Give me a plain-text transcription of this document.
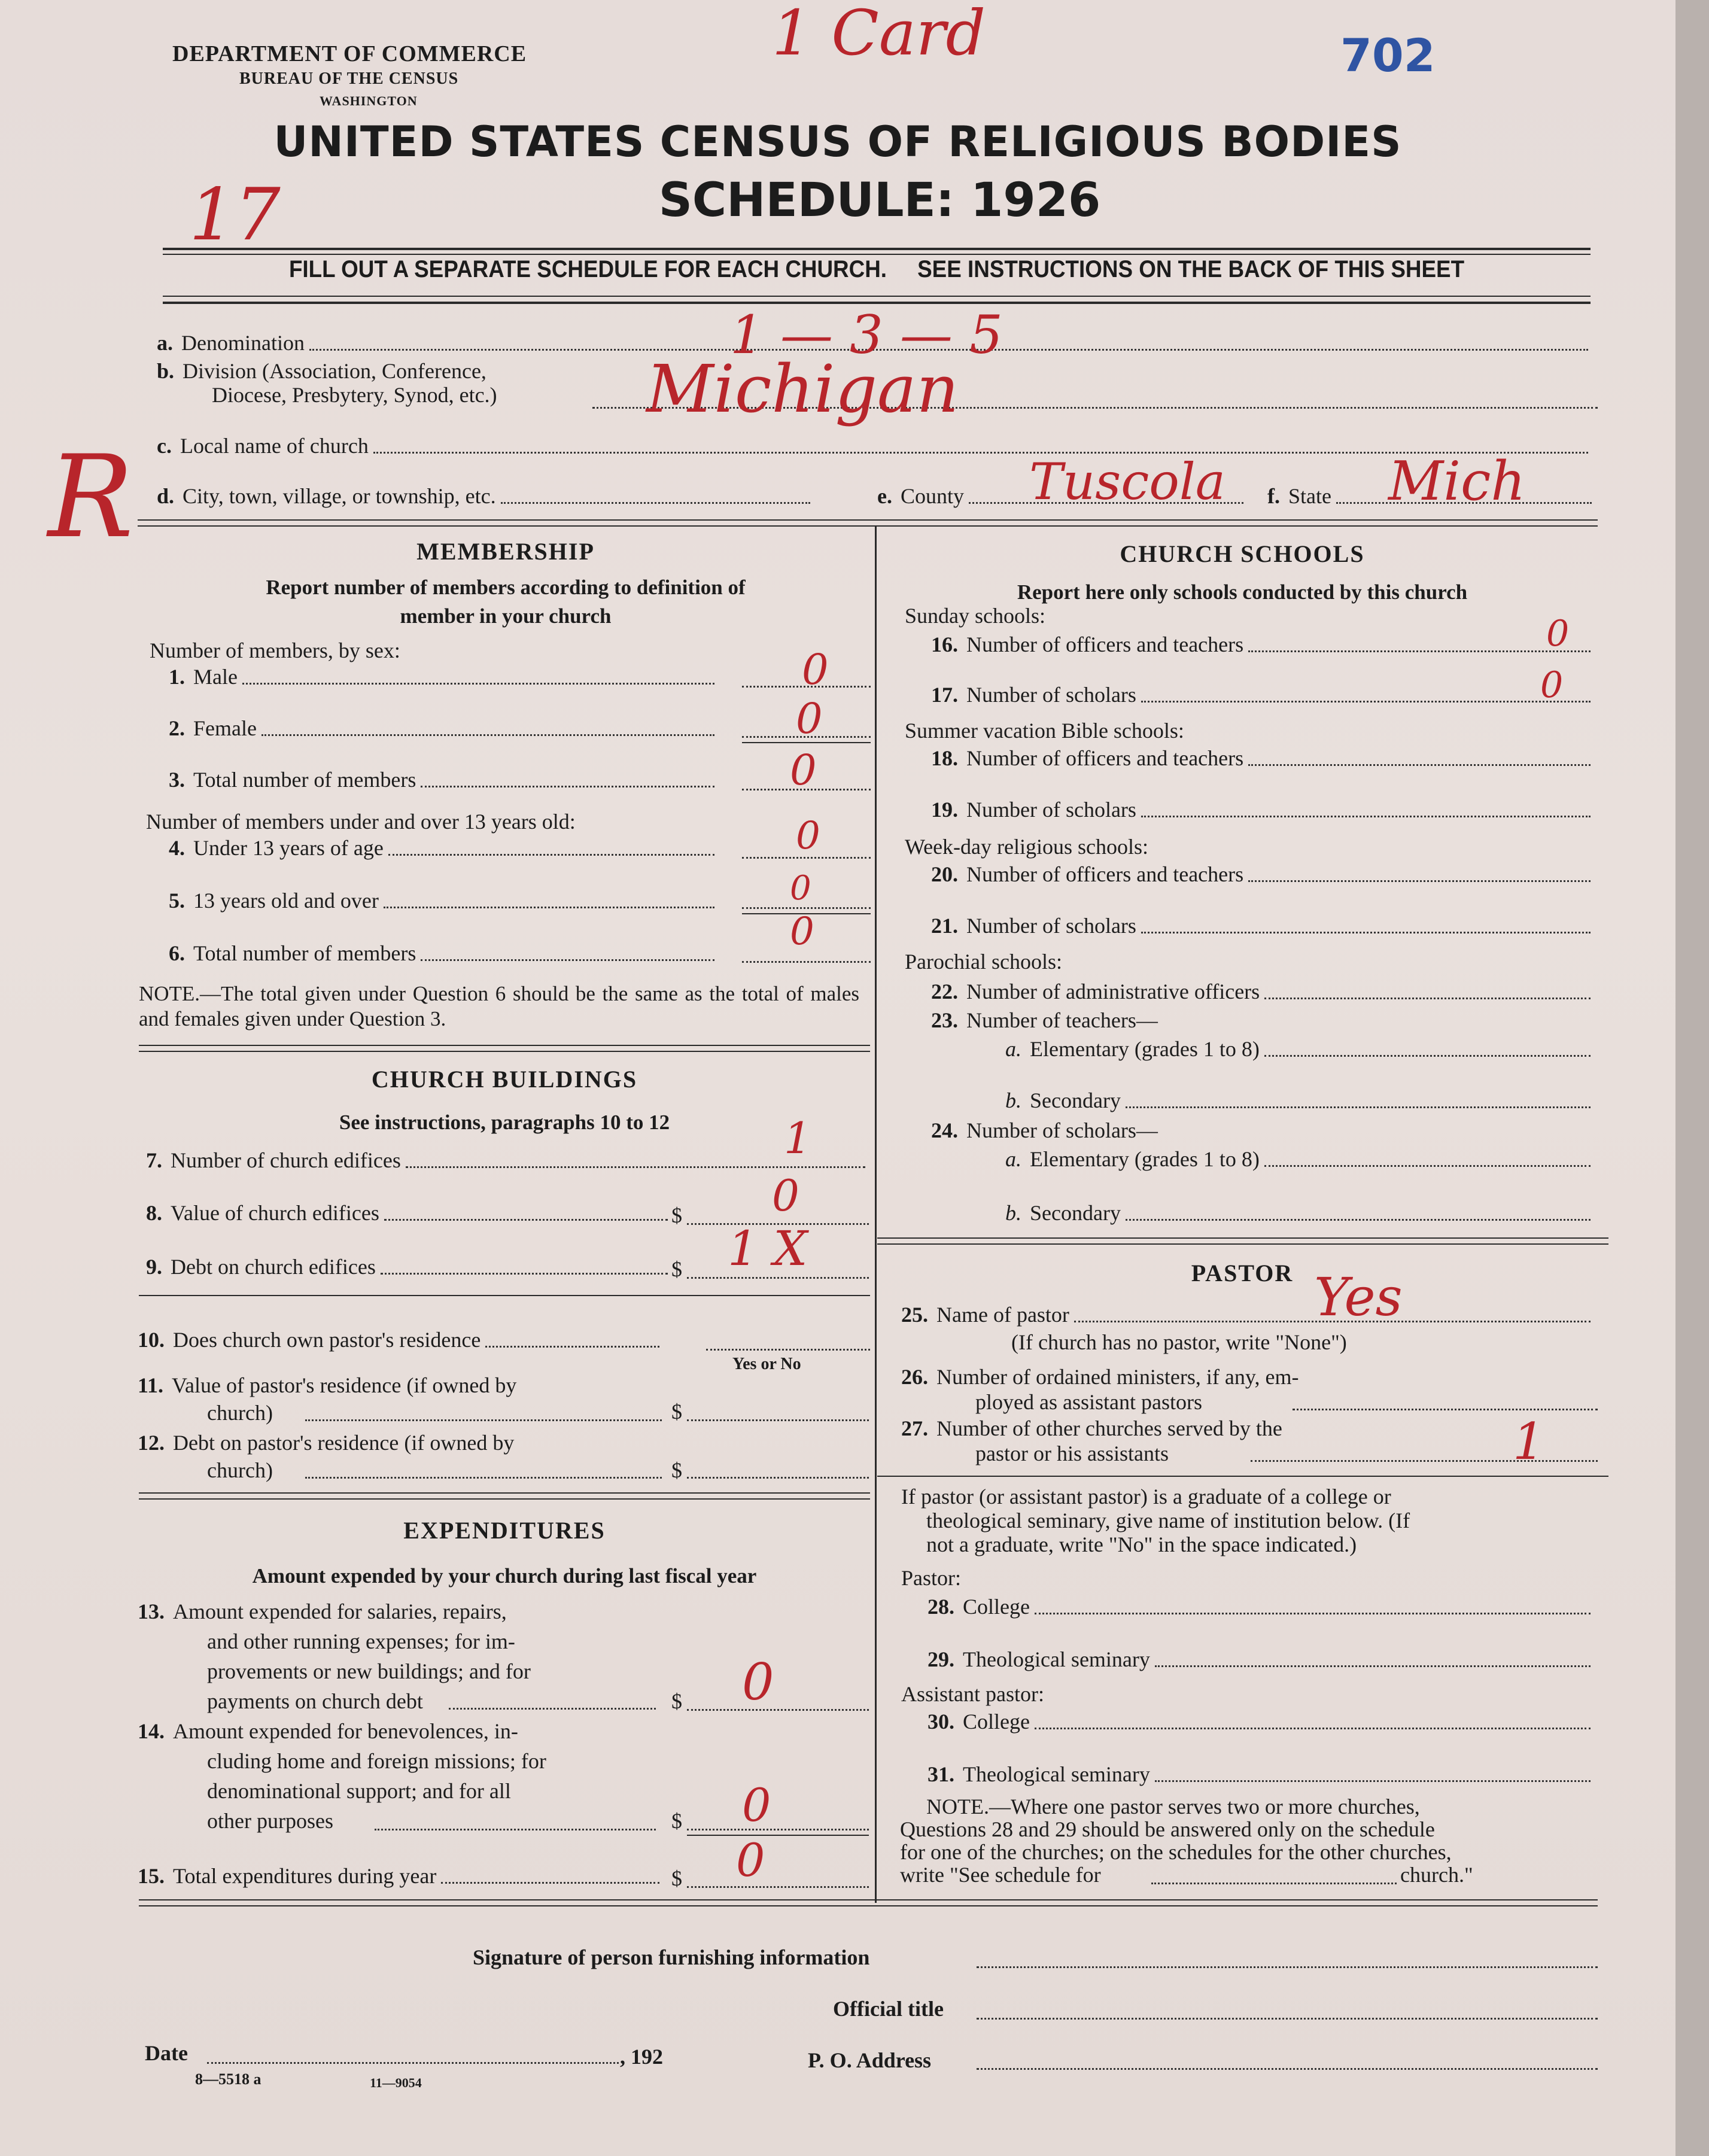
DEPARTMENT OF COMMERCE
BUREAU OF THE CENSUS
WASHINGTON
702
UNITED STATES CENSUS OF RELIGIOUS BODIES
SCHEDULE: 1926
FILL OUT A SEPARATE SCHEDULE FOR EACH CHURCH.     SEE INSTRUCTIONS ON THE BACK OF THIS SHEET
1 Card
17
R
a. Denomination	1 — 3 — 5
b. Division (Association, Conference,
Diocese, Presbytery, Synod, etc.) Michigan
c. Local name of church
d. City, town, village, or township, etc.	e. County Tuscola f. State Mich
MEMBERSHIP
Report number of members according to definition of
member in your church
Number of members, by sex:
1. Male	0
2. Female	0
3. Total number of members	0
Number of members under and over 13 years old:
4. Under 13 years of age	0
5. 13 years old and over	0
6. Total number of members	0
NOTE.—The total given under Question 6 should be the same as the total of males and females given under Question 3.
CHURCH BUILDINGS
See instructions, paragraphs 10 to 12
7. Number of church edifices	1
8. Value of church edifices	$ 0
9. Debt on church edifices	$ 1 X
10. Does church own pastor's residence
Yes or No
11. Value of pastor's residence (if owned by
church)	$
12. Debt on pastor's residence (if owned by
church)	$
EXPENDITURES
Amount expended by your church during last fiscal year
13. Amount expended for salaries, repairs,
and other running expenses; for im-
provements or new buildings; and for
payments on church debt	$ 0
14. Amount expended for benevolences, in-
cluding home and foreign missions; for
denominational support; and for all
other purposes	$ 0
15. Total expenditures during year	$ 0
CHURCH SCHOOLS
Report here only schools conducted by this church
Sunday schools:
16. Number of officers and teachers	0
17. Number of scholars	0
Summer vacation Bible schools:
18. Number of officers and teachers
19. Number of scholars
Week-day religious schools:
20. Number of officers and teachers
21. Number of scholars
Parochial schools:
22. Number of administrative officers
23. Number of teachers—
a. Elementary (grades 1 to 8)
b. Secondary
24. Number of scholars—
a. Elementary (grades 1 to 8)
b. Secondary
PASTOR
25. Name of pastor	Yes
(If church has no pastor, write "None")
26. Number of ordained ministers, if any, em-
ployed as assistant pastors
27. Number of other churches served by the
pastor or his assistants	1
If pastor (or assistant pastor) is a graduate of a college or
theological seminary, give name of institution below. (If
not a graduate, write "No" in the space indicated.)
Pastor:
28. College
29. Theological seminary
Assistant pastor:
30. College
31. Theological seminary
NOTE.—Where one pastor serves two or more churches,
Questions 28 and 29 should be answered only on the schedule
for one of the churches; on the schedules for the other churches,
write "See schedule for	church."
Signature of person furnishing information
Official title
Date	, 192	P. O. Address
8—5518 a	11—9054
